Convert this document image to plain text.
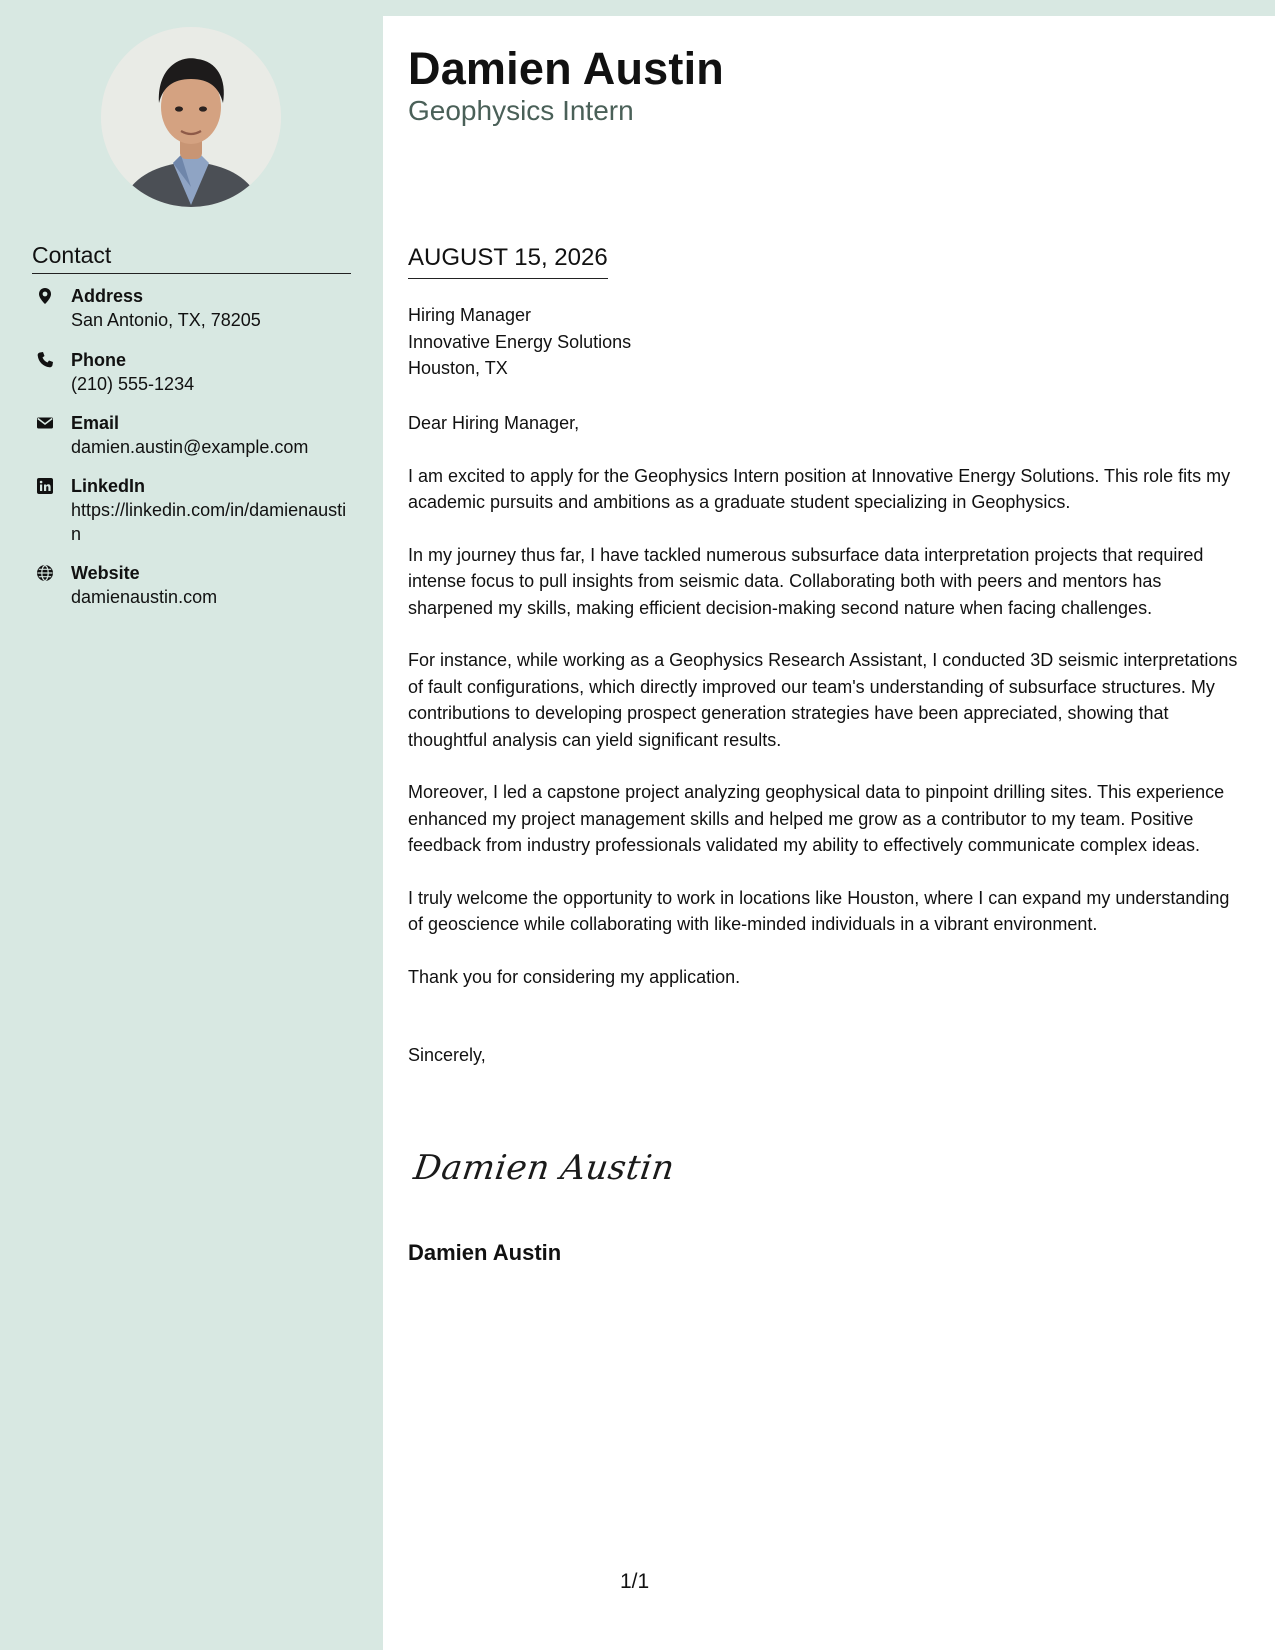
Contact
Address
San Antonio, TX, 78205
Phone
(210) 555-1234
Email
damien.austin@example.com
LinkedIn
https://linkedin.com/in/damienaustin
Website
damienaustin.com
Damien Austin
Geophysics Intern
AUGUST 15, 2026
Hiring Manager
Innovative Energy Solutions
Houston, TX

Dear Hiring Manager,

I am excited to apply for the Geophysics Intern position at Innovative Energy Solutions. This role fits my academic pursuits and ambitions as a graduate student specializing in Geophysics.

In my journey thus far, I have tackled numerous subsurface data interpretation projects that required intense focus to pull insights from seismic data. Collaborating both with peers and mentors has sharpened my skills, making efficient decision-making second nature when facing challenges.

For instance, while working as a Geophysics Research Assistant, I conducted 3D seismic interpretations of fault configurations, which directly improved our team's understanding of subsurface structures. My contributions to developing prospect generation strategies have been appreciated, showing that thoughtful analysis can yield significant results.

Moreover, I led a capstone project analyzing geophysical data to pinpoint drilling sites. This experience enhanced my project management skills and helped me grow as a contributor to my team. Positive feedback from industry professionals validated my ability to effectively communicate complex ideas.

I truly welcome the opportunity to work in locations like Houston, where I can expand my understanding of geoscience while collaborating with like-minded individuals in a vibrant environment.

Thank you for considering my application.

Sincerely,

Damien Austin
Damien Austin
1/1
